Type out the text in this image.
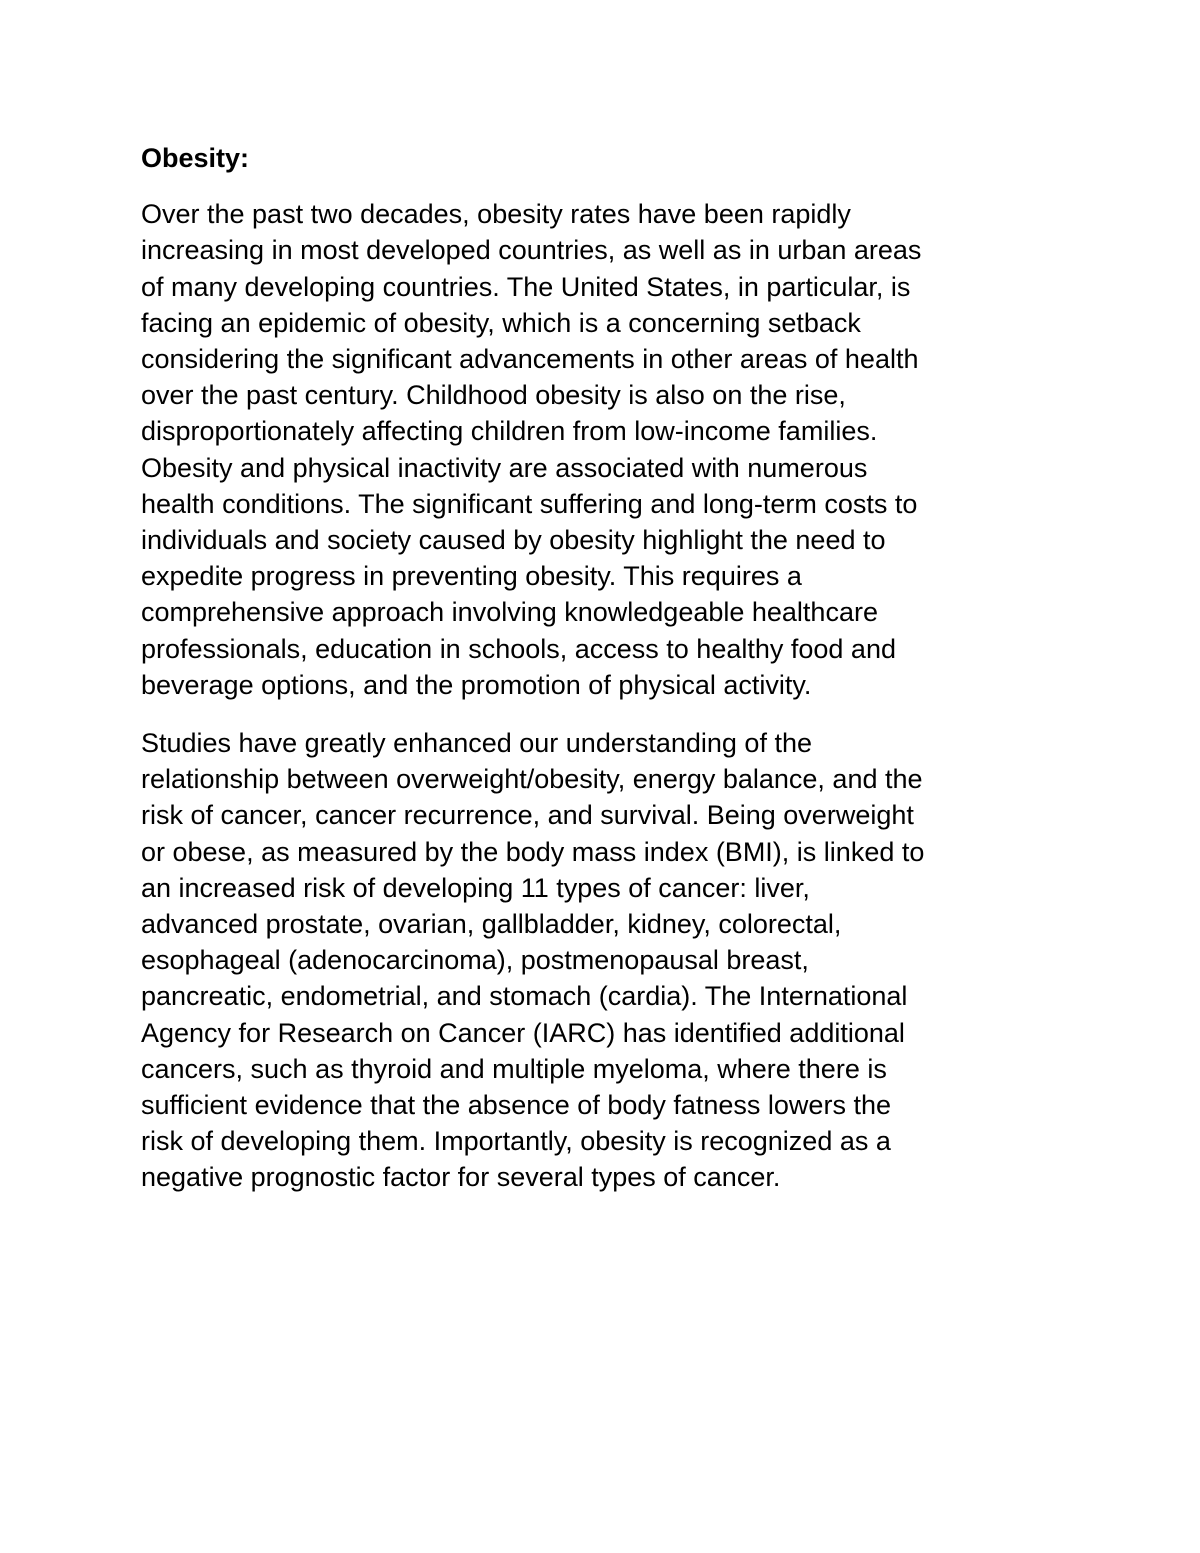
Obesity:
Over the past two decades, obesity rates have been rapidly
increasing in most developed countries, as well as in urban areas
of many developing countries. The United States, in particular, is
facing an epidemic of obesity, which is a concerning setback
considering the significant advancements in other areas of health
over the past century. Childhood obesity is also on the rise,
disproportionately affecting children from low-income families.
Obesity and physical inactivity are associated with numerous
health conditions. The significant suffering and long-term costs to
individuals and society caused by obesity highlight the need to
expedite progress in preventing obesity. This requires a
comprehensive approach involving knowledgeable healthcare
professionals, education in schools, access to healthy food and
beverage options, and the promotion of physical activity.
Studies have greatly enhanced our understanding of the
relationship between overweight/obesity, energy balance, and the
risk of cancer, cancer recurrence, and survival. Being overweight
or obese, as measured by the body mass index (BMI), is linked to
an increased risk of developing 11 types of cancer: liver,
advanced prostate, ovarian, gallbladder, kidney, colorectal,
esophageal (adenocarcinoma), postmenopausal breast,
pancreatic, endometrial, and stomach (cardia). The International
Agency for Research on Cancer (IARC) has identified additional
cancers, such as thyroid and multiple myeloma, where there is
sufficient evidence that the absence of body fatness lowers the
risk of developing them. Importantly, obesity is recognized as a
negative prognostic factor for several types of cancer.
